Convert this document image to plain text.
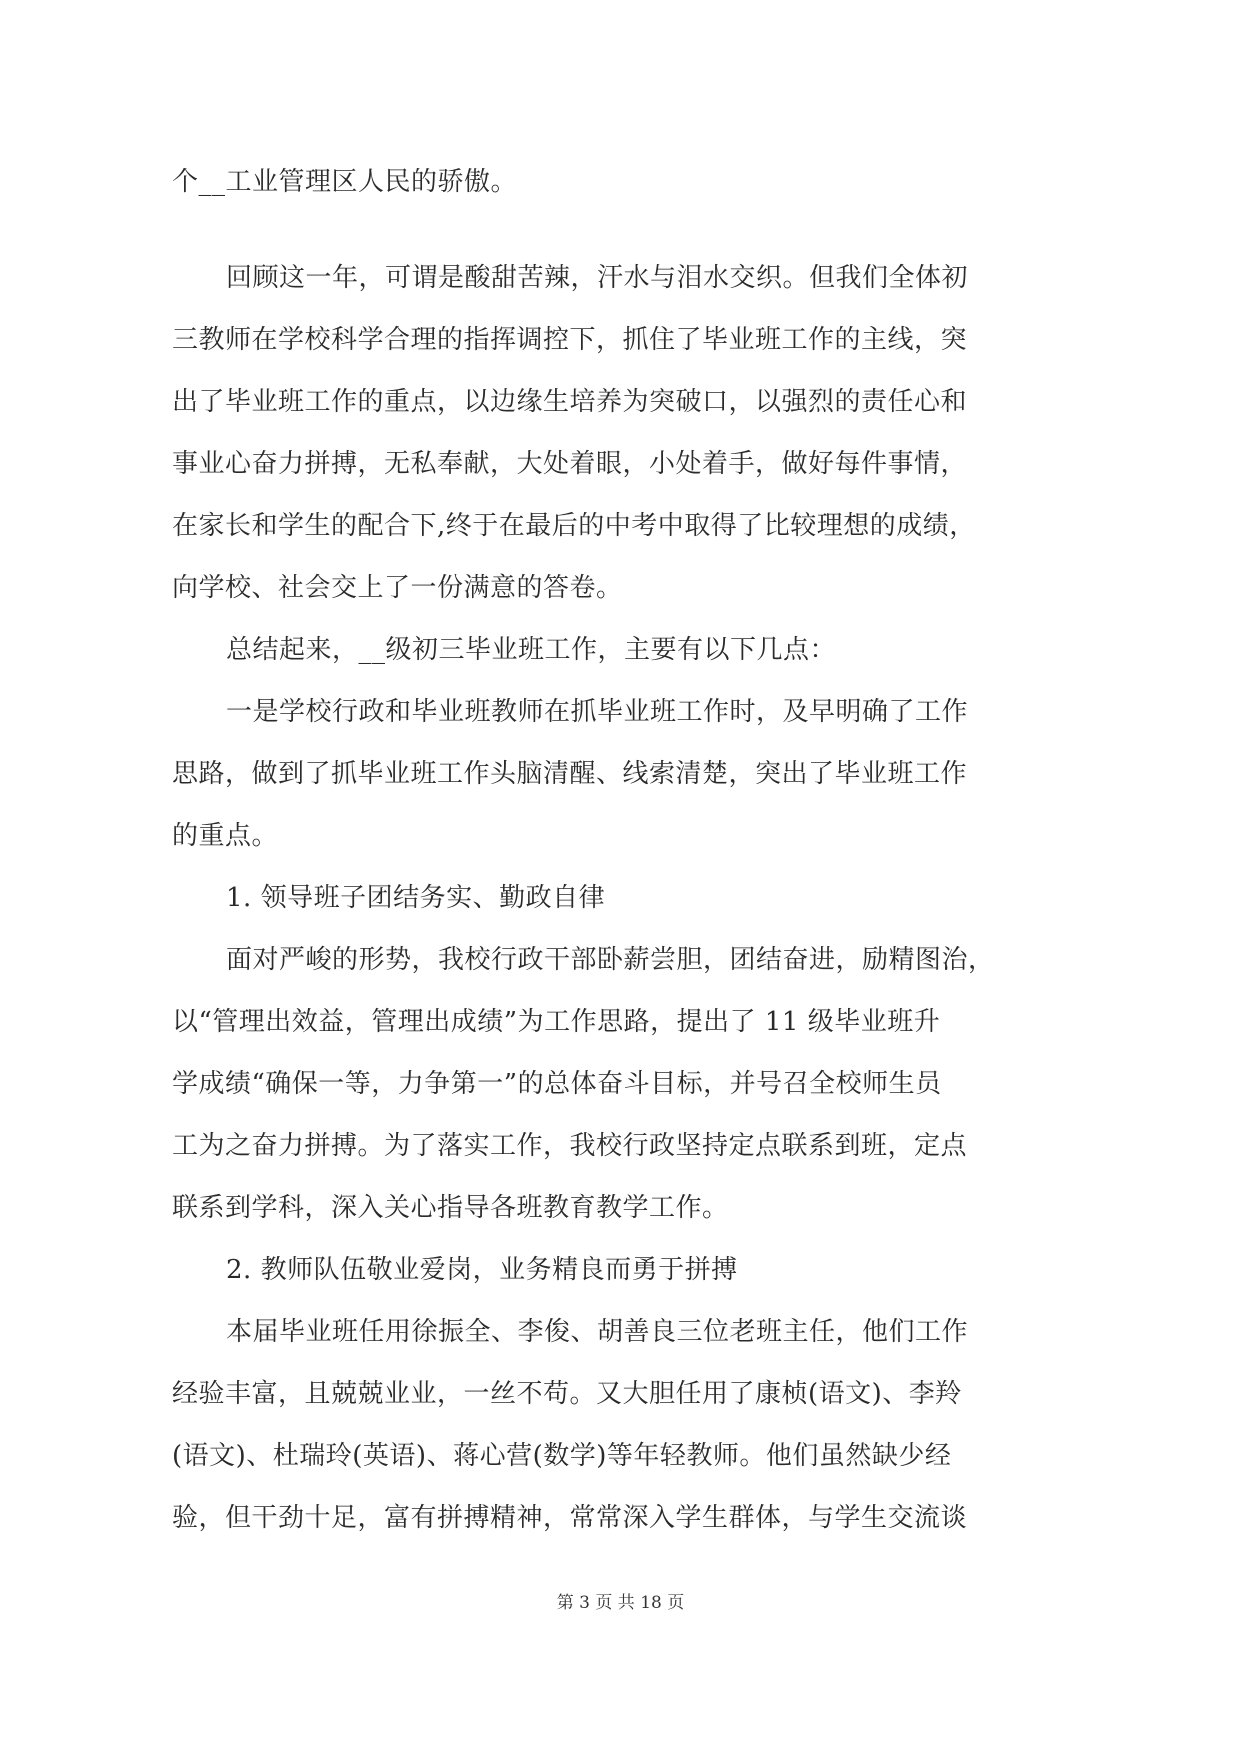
个__工业管理区人民的骄傲。
回顾这一年，可谓是酸甜苦辣，汗水与泪水交织。但我们全体初
三教师在学校科学合理的指挥调控下，抓住了毕业班工作的主线，突
出了毕业班工作的重点，以边缘生培养为突破口，以强烈的责任心和
事业心奋力拼搏，无私奉献，大处着眼，小处着手，做好每件事情，
在家长和学生的配合下,终于在最后的中考中取得了比较理想的成绩，
向学校、社会交上了一份满意的答卷。
总结起来，__级初三毕业班工作，主要有以下几点：
一是学校行政和毕业班教师在抓毕业班工作时，及早明确了工作
思路，做到了抓毕业班工作头脑清醒、线索清楚，突出了毕业班工作
的重点。
1. 领导班子团结务实、勤政自律
面对严峻的形势，我校行政干部卧薪尝胆，团结奋进，励精图治，
以“管理出效益，管理出成绩”为工作思路，提出了 11 级毕业班升
学成绩“确保一等，力争第一”的总体奋斗目标，并号召全校师生员
工为之奋力拼搏。为了落实工作，我校行政坚持定点联系到班，定点
联系到学科，深入关心指导各班教育教学工作。
2. 教师队伍敬业爱岗，业务精良而勇于拼搏
本届毕业班任用徐振全、李俊、胡善良三位老班主任，他们工作
经验丰富，且兢兢业业，一丝不苟。又大胆任用了康桢(语文)、李羚
(语文)、杜瑞玲(英语)、蒋心营(数学)等年轻教师。他们虽然缺少经
验，但干劲十足，富有拼搏精神，常常深入学生群体，与学生交流谈
第 3 页 共 18 页
